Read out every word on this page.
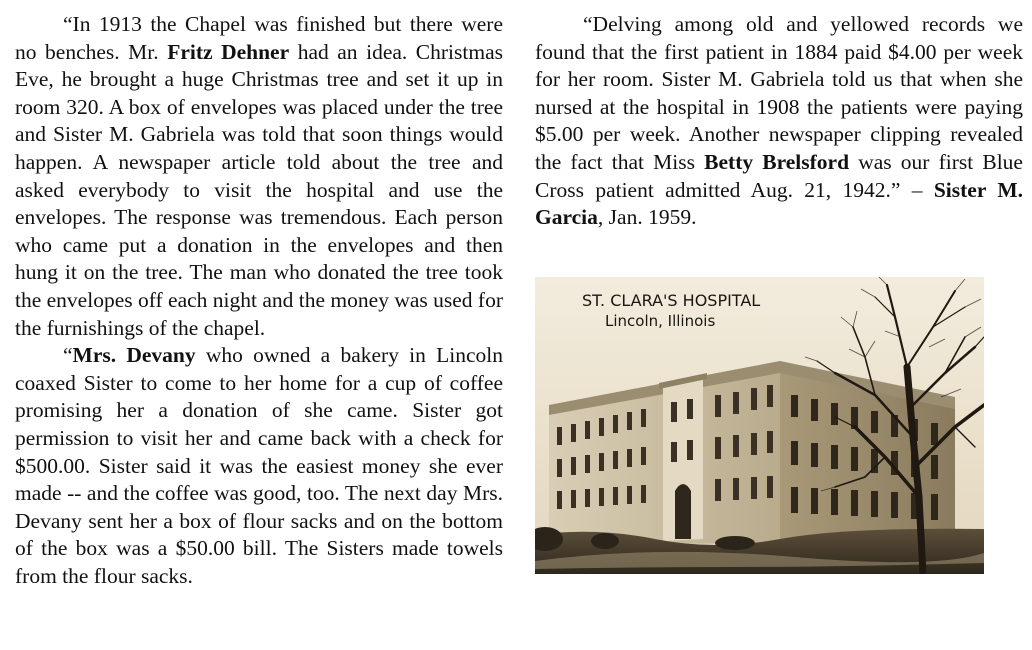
“In 1913 the Chapel was finished but there were no benches. Mr. Fritz Dehner had an idea. Christmas Eve, he brought a huge Christmas tree and set it up in room 320. A box of envelopes was placed under the tree and Sister M. Gabriela was told that soon things would happen. A newspaper article told about the tree and asked everybody to visit the hospital and use the envelopes. The response was tremendous. Each person who came put a donation in the envelopes and then hung it on the tree. The man who donated the tree took the envelopes off each night and the money was used for the furnishings of the chapel.

“Mrs. Devany who owned a bakery in Lincoln coaxed Sister to come to her home for a cup of coffee promising her a donation of she came. Sister got permission to visit her and came back with a check for $500.00. Sister said it was the easiest money she ever made -- and the coffee was good, too. The next day Mrs. Devany sent her a box of flour sacks and on the bottom of the box was a $50.00 bill. The Sisters made towels from the flour sacks.

“Delving among old and yellowed records we found that the first patient in 1884 paid $4.00 per week for her room. Sister M. Gabriela told us that when she nursed at the hospital in 1908 the patients were paying $5.00 per week. Another newspaper clipping revealed the fact that Miss Betty Brelsford was our first Blue Cross patient admitted Aug. 21, 1942.” – Sister M. Garcia, Jan. 1959.

ST. CLARA'S HOSPITAL
Lincoln, Illinois
